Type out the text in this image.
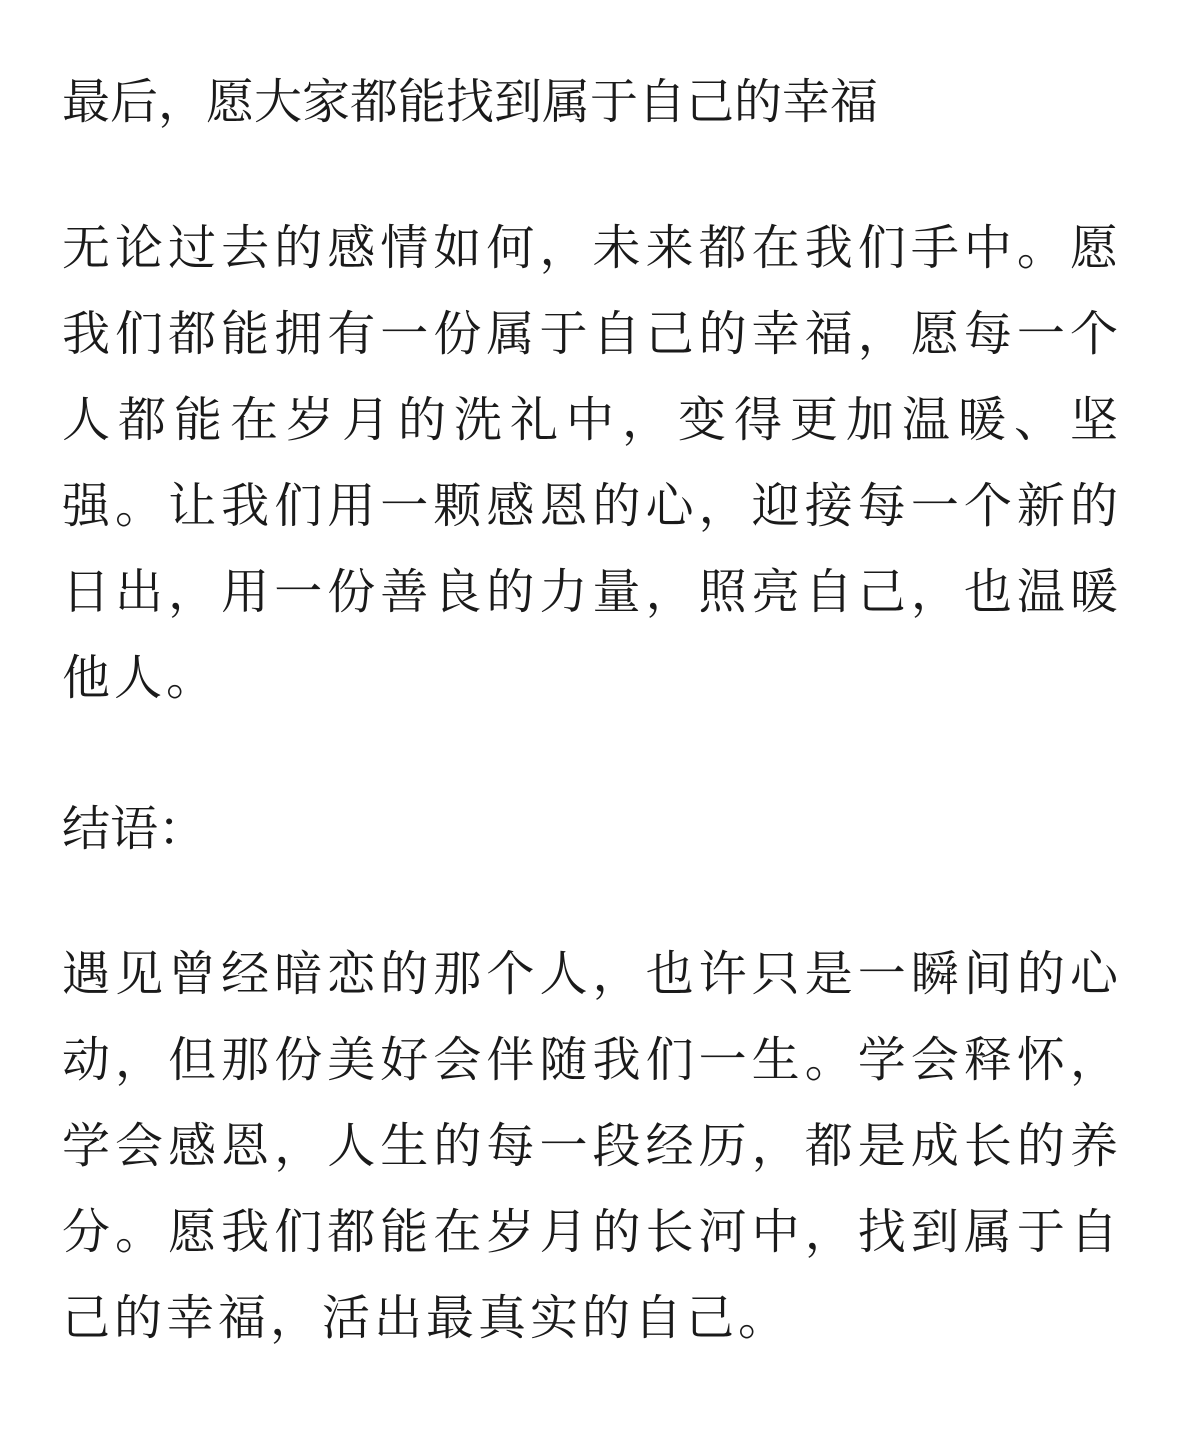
最后，愿大家都能找到属于自己的幸福

无论过去的感情如何，未来都在我们手中。愿我们都能拥有一份属于自己的幸福，愿每一个人都能在岁月的洗礼中，变得更加温暖、坚强。让我们用一颗感恩的心，迎接每一个新的日出，用一份善良的力量，照亮自己，也温暖他人。

结语：

遇见曾经暗恋的那个人，也许只是一瞬间的心动，但那份美好会伴随我们一生。学会释怀，学会感恩，人生的每一段经历，都是成长的养分。愿我们都能在岁月的长河中，找到属于自己的幸福，活出最真实的自己。
